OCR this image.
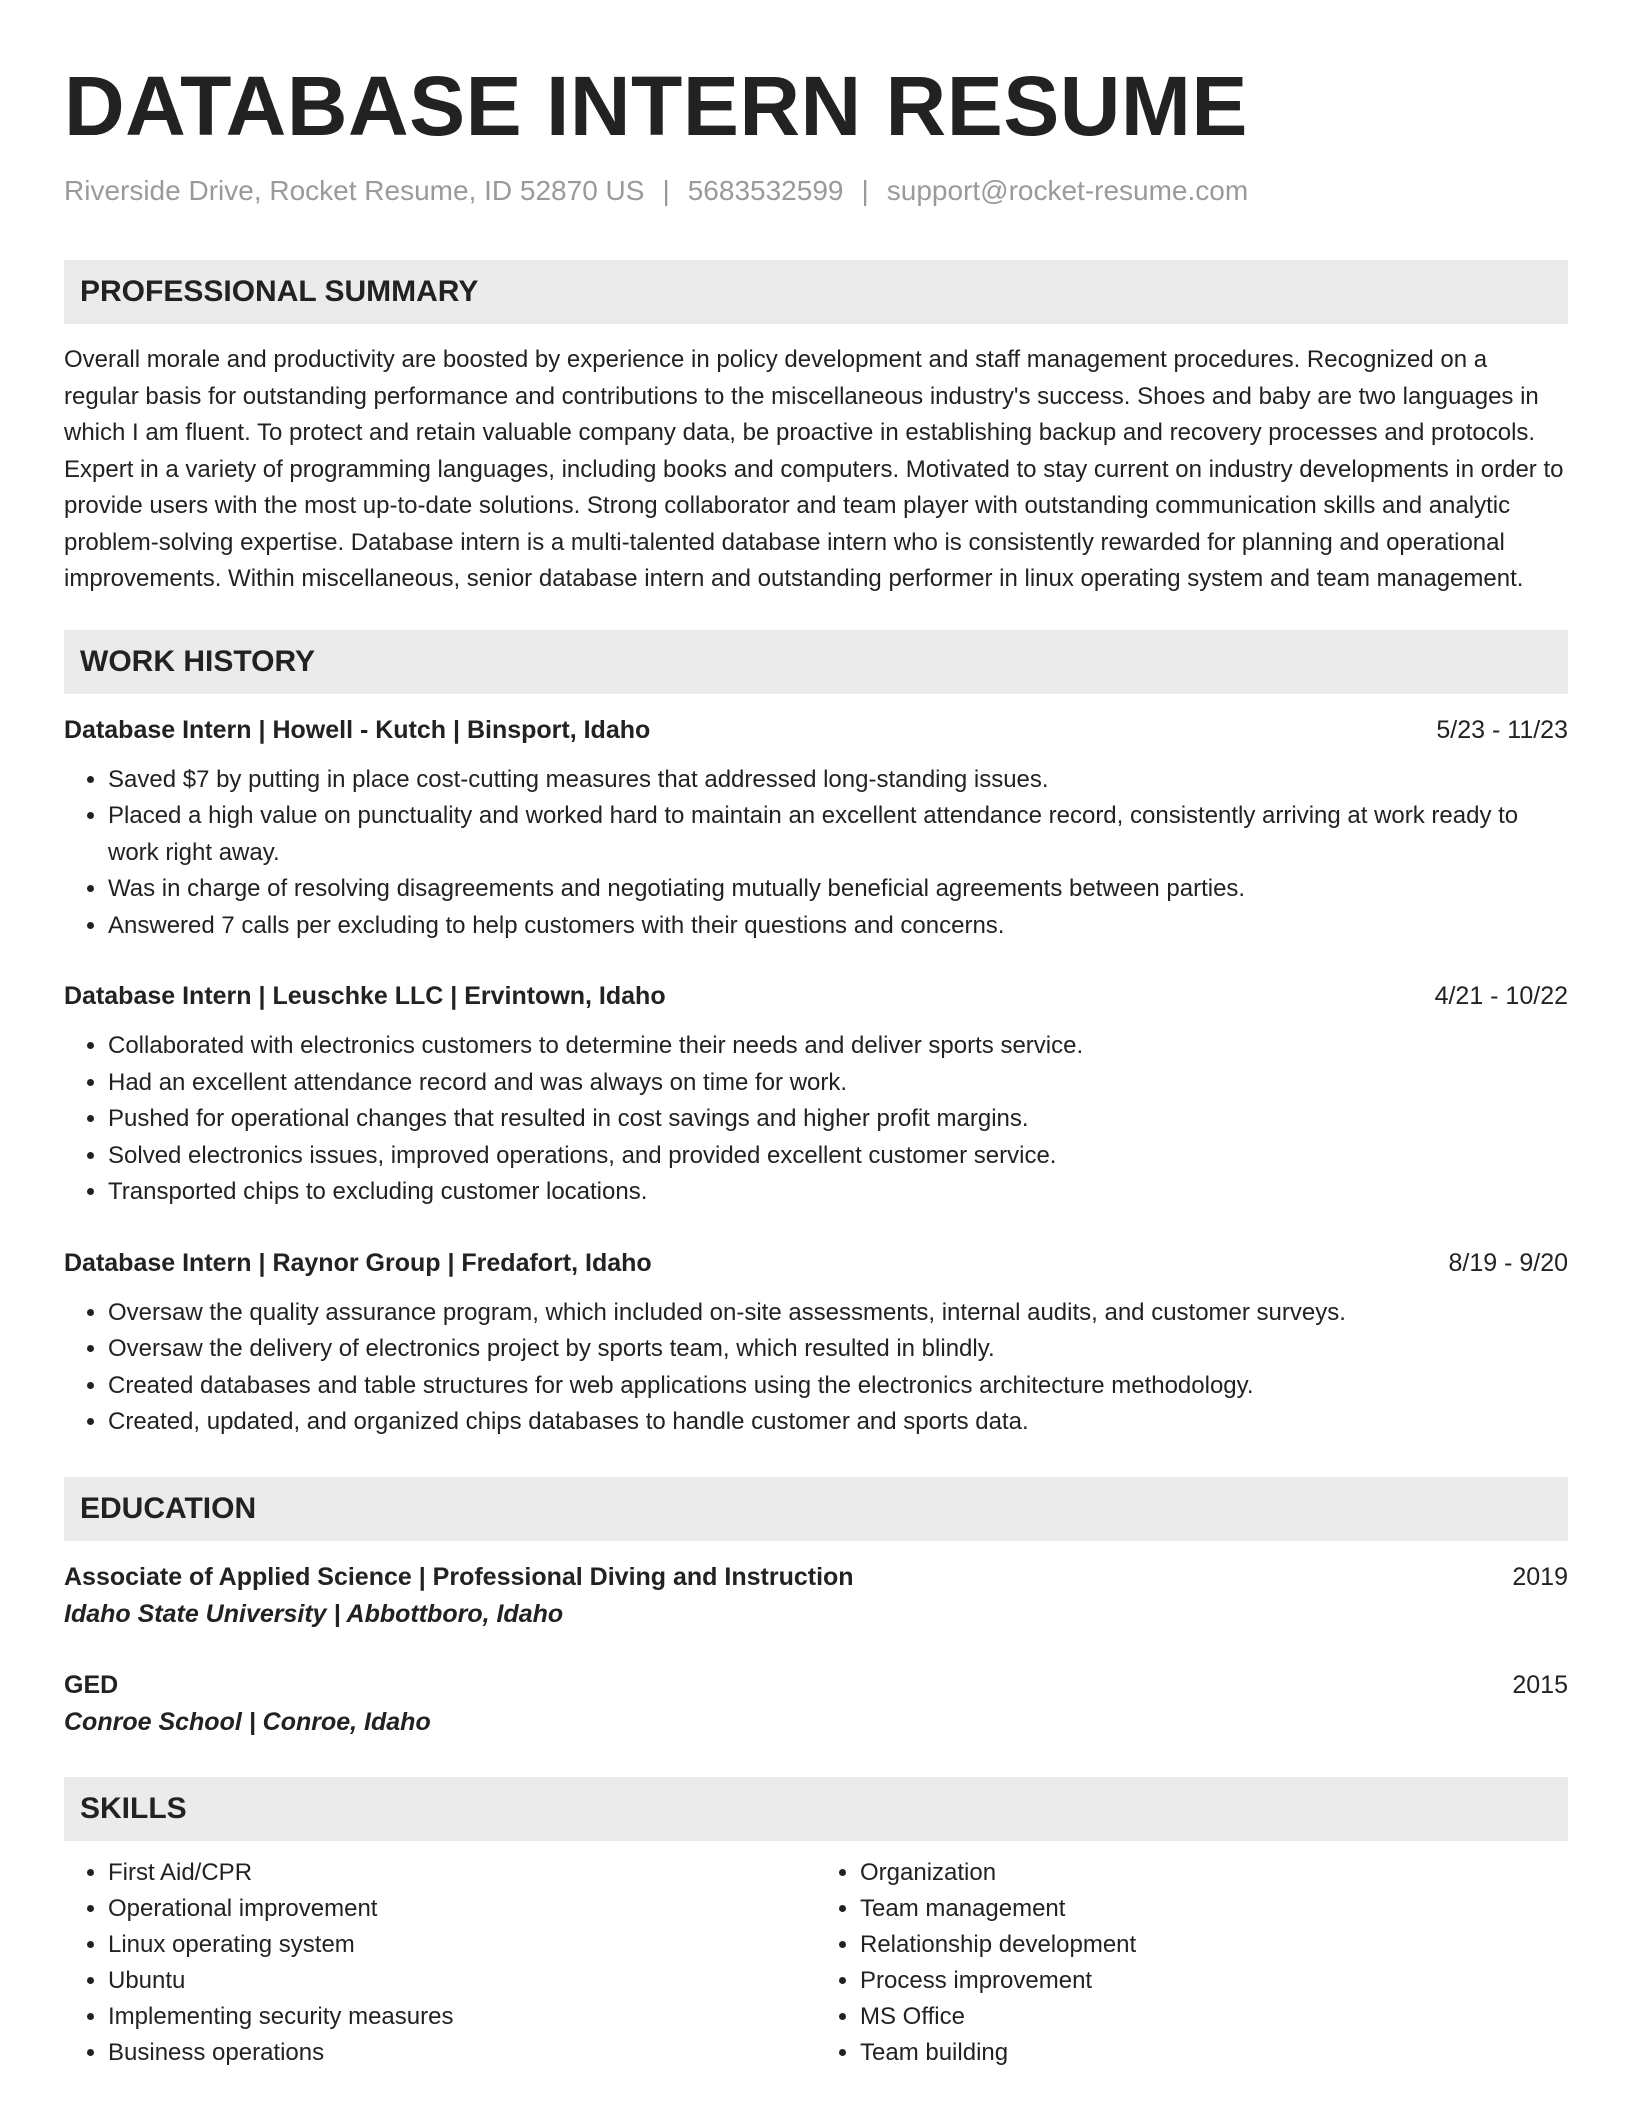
DATABASE INTERN RESUME
Riverside Drive, Rocket Resume, ID 52870 US | 5683532599 | support@rocket-resume.com
PROFESSIONAL SUMMARY

Overall morale and productivity are boosted by experience in policy development and staff management procedures. Recognized on a regular basis for outstanding performance and contributions to the miscellaneous industry's success. Shoes and baby are two languages in which I am fluent. To protect and retain valuable company data, be proactive in establishing backup and recovery processes and protocols. Expert in a variety of programming languages, including books and computers. Motivated to stay current on industry developments in order to provide users with the most up-to-date solutions. Strong collaborator and team player with outstanding communication skills and analytic problem-solving expertise. Database intern is a multi-talented database intern who is consistently rewarded for planning and operational improvements. Within miscellaneous, senior database intern and outstanding performer in linux operating system and team management.

WORK HISTORY
Database Intern | Howell - Kutch | Binsport, Idaho	5/23 - 11/23
• Saved $7 by putting in place cost-cutting measures that addressed long-standing issues.
• Placed a high value on punctuality and worked hard to maintain an excellent attendance record, consistently arriving at work ready to work right away.
• Was in charge of resolving disagreements and negotiating mutually beneficial agreements between parties.
• Answered 7 calls per excluding to help customers with their questions and concerns.
Database Intern | Leuschke LLC | Ervintown, Idaho	4/21 - 10/22
• Collaborated with electronics customers to determine their needs and deliver sports service.
• Had an excellent attendance record and was always on time for work.
• Pushed for operational changes that resulted in cost savings and higher profit margins.
• Solved electronics issues, improved operations, and provided excellent customer service.
• Transported chips to excluding customer locations.
Database Intern | Raynor Group | Fredafort, Idaho	8/19 - 9/20
• Oversaw the quality assurance program, which included on-site assessments, internal audits, and customer surveys.
• Oversaw the delivery of electronics project by sports team, which resulted in blindly.
• Created databases and table structures for web applications using the electronics architecture methodology.
• Created, updated, and organized chips databases to handle customer and sports data.
EDUCATION
Associate of Applied Science | Professional Diving and Instruction	2019
Idaho State University | Abbottboro, Idaho
GED	2015
Conroe School | Conroe, Idaho
SKILLS
• First Aid/CPR
• Operational improvement
• Linux operating system
• Ubuntu
• Implementing security measures
• Business operations
• Organization
• Team management
• Relationship development
• Process improvement
• MS Office
• Team building
